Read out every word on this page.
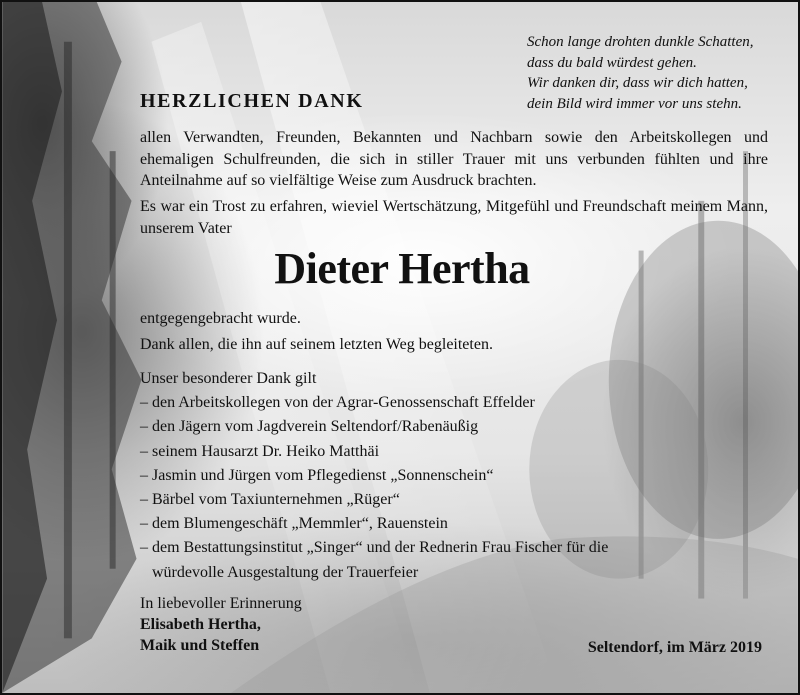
Schon lange drohten dunkle Schatten,
dass du bald würdest gehen.
Wir danken dir, dass wir dich hatten,
dein Bild wird immer vor uns stehn.
HERZLICHEN DANK

allen Verwandten, Freunden, Bekannten und Nachbarn sowie den Arbeitskollegen und ehemaligen Schulfreunden, die sich in stiller Trauer mit uns verbunden fühlten und ihre Anteilnahme auf so vielfältige Weise zum Ausdruck brachten.

Es war ein Trost zu erfahren, wieviel Wertschätzung, Mitgefühl und Freundschaft meinem Mann, unserem Vater

Dieter Hertha

entgegengebracht wurde.

Dank allen, die ihn auf seinem letzten Weg begleiteten.

Unser besonderer Dank gilt
– den Arbeitskollegen von der Agrar-Genossenschaft Effelder
– den Jägern vom Jagdverein Seltendorf/Rabenäußig
– seinem Hausarzt Dr. Heiko Matthäi
– Jasmin und Jürgen vom Pflegedienst „Sonnenschein“
– Bärbel vom Taxiunternehmen „Rüger“
– dem Blumengeschäft „Memmler“, Rauenstein
– dem Bestattungsinstitut „Singer“ und der Rednerin Frau Fischer für die
würdevolle Ausgestaltung der Trauerfeier
In liebevoller Erinnerung
Elisabeth Hertha,
Maik und Steffen	Seltendorf, im März 2019
